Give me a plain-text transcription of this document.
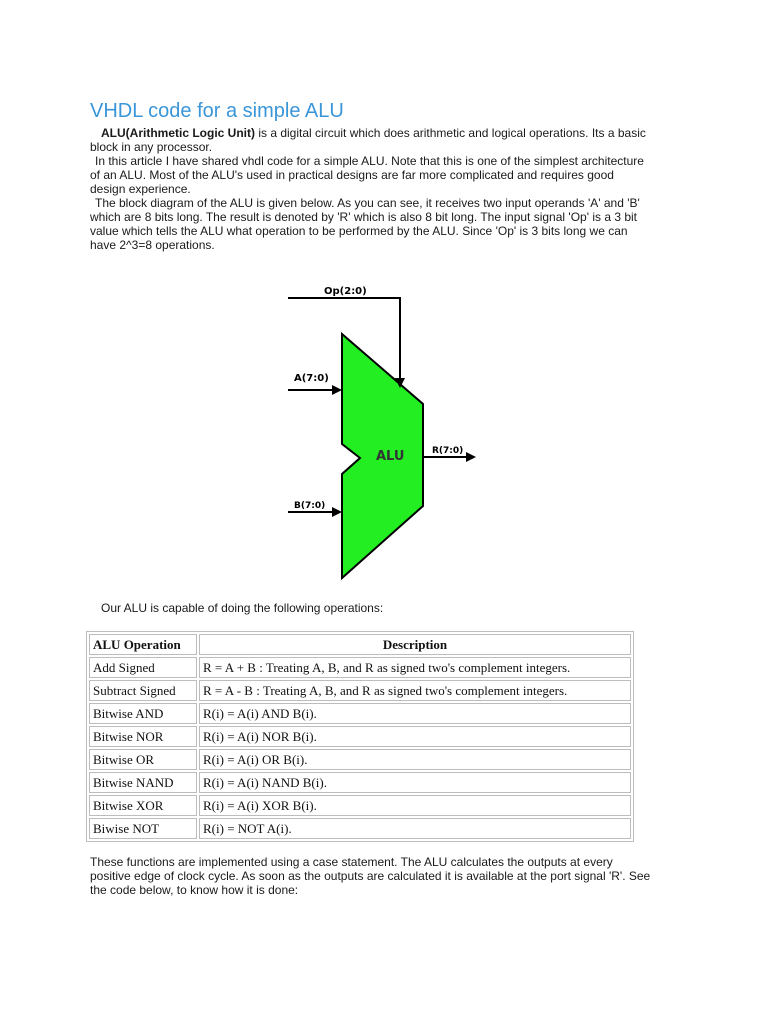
VHDL code for a simple ALU
ALU(Arithmetic Logic Unit) is a digital circuit which does arithmetic and logical operations. Its a basic
block in any processor.
In this article I have shared vhdl code for a simple ALU. Note that this is one of the simplest architecture
of an ALU. Most of the ALU's used in practical designs are far more complicated and requires good
design experience.
The block diagram of the ALU is given below. As you can see, it receives two input operands 'A' and 'B'
which are 8 bits long. The result is denoted by 'R' which is also 8 bit long. The input signal 'Op' is a 3 bit
value which tells the ALU what operation to be performed by the ALU. Since 'Op' is 3 bits long we can
have 2^3=8 operations.
Op(2:0)
A(7:0)
B(7:0)
R(7:0)
ALU
Our ALU is capable of doing the following operations:
ALU Operation	Description
Add Signed	R = A + B : Treating A, B, and R as signed two's complement integers.
Subtract Signed	R = A - B : Treating A, B, and R as signed two's complement integers.
Bitwise AND	R(i) = A(i) AND B(i).
Bitwise NOR	R(i) = A(i) NOR B(i).
Bitwise OR	R(i) = A(i) OR B(i).
Bitwise NAND	R(i) = A(i) NAND B(i).
Bitwise XOR	R(i) = A(i) XOR B(i).
Biwise NOT	R(i) = NOT A(i).
These functions are implemented using a case statement. The ALU calculates the outputs at every
positive edge of clock cycle. As soon as the outputs are calculated it is available at the port signal 'R'. See
the code below, to know how it is done:
